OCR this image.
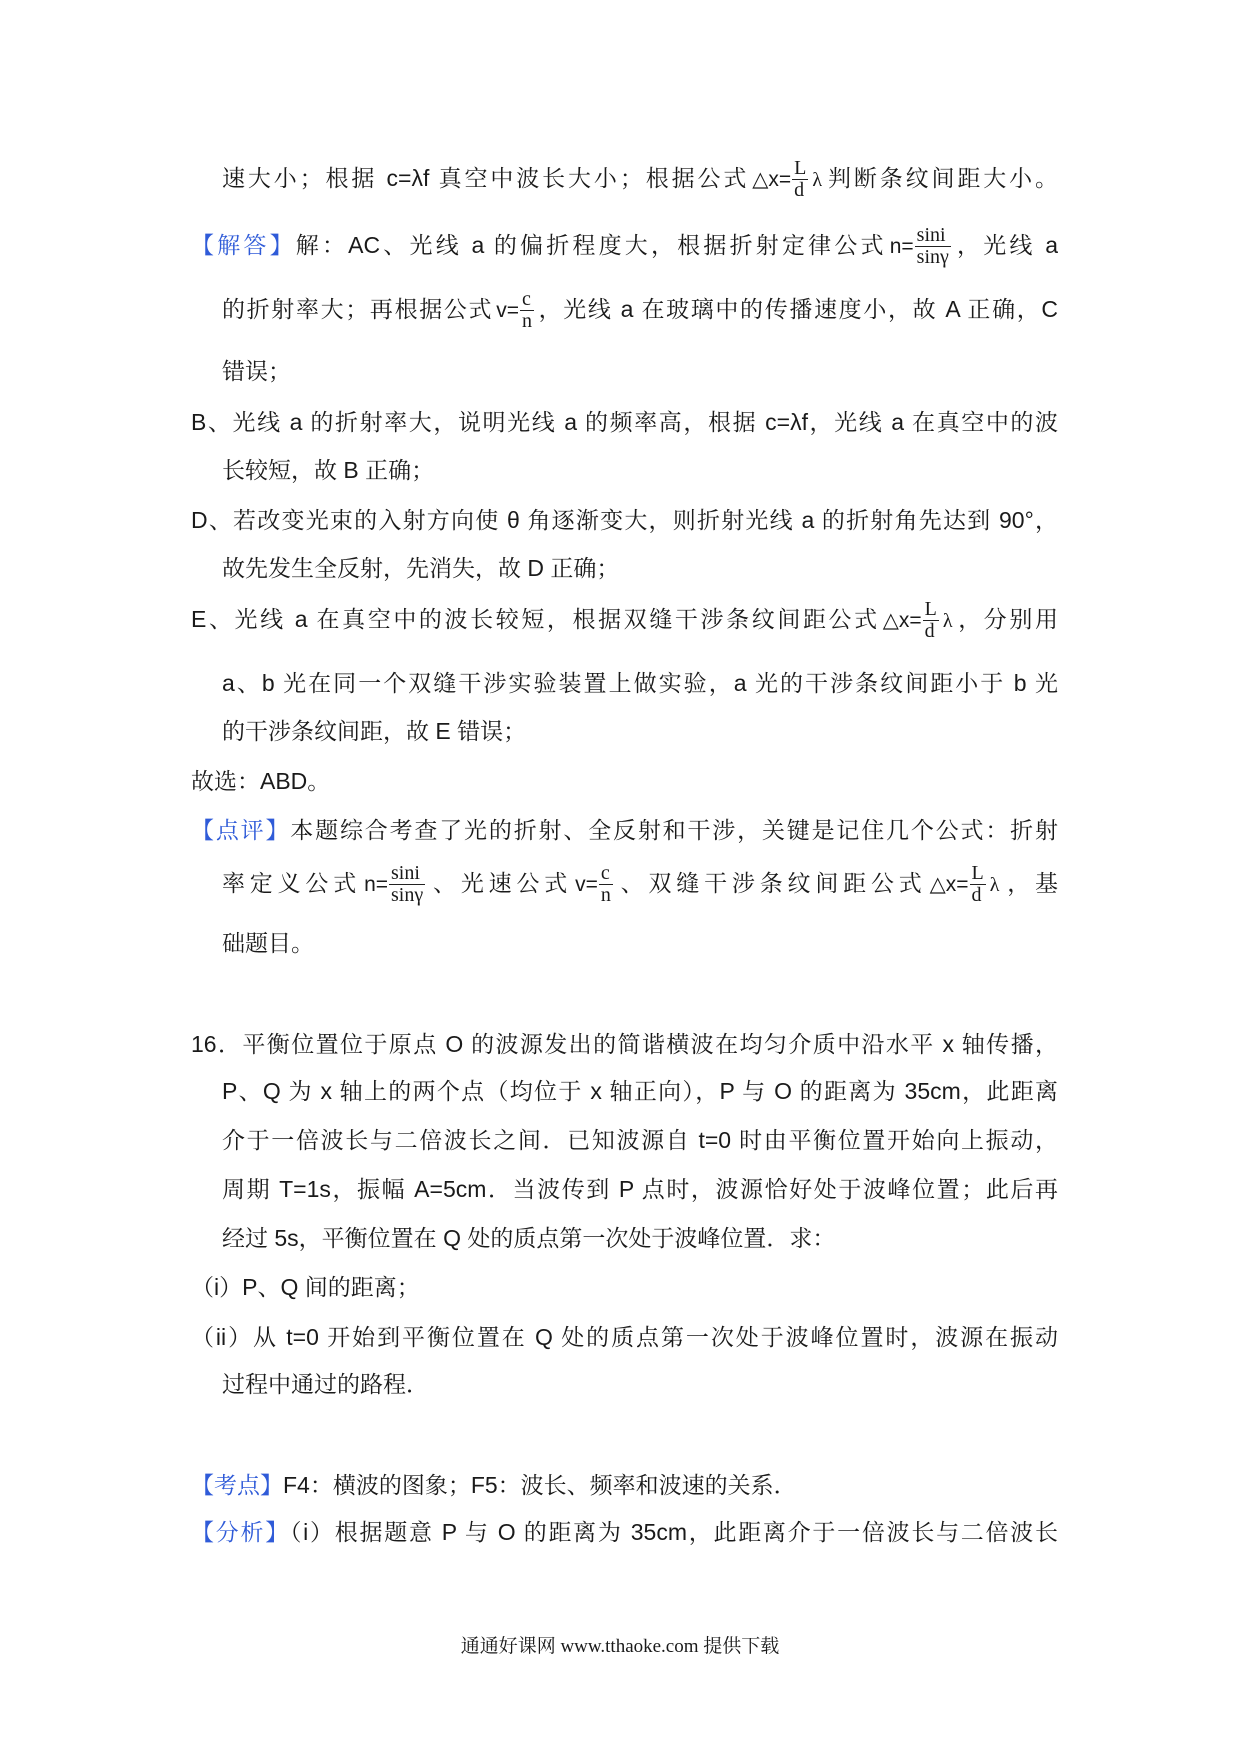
速大小；根据 c=λf 真空中波长大小；根据公式 △x= $\frac{L}{d}$ λ 判断条纹间距大小。
【解答】解：AC、光线 a 的偏折程度大，根据折射定律公式 $n= \frac{\sin i}{\sin\gamma}$ ，光线 a
的折射率大；再根据公式 $v= \frac{c}{n}$ ，光线 a 在玻璃中的传播速度小，故 A 正确，C
错误；
B、光线 a 的折射率大，说明光线 a 的频率高，根据 c=λf，光线 a 在真空中的波
长较短，故 B 正确；
D、若改变光束的入射方向使 θ 角逐渐变大，则折射光线 a 的折射角先达到 90°，
故先发生全反射，先消失，故 D 正确；
E、光线 a 在真空中的波长较短，根据双缝干涉条纹间距公式 △x= $\frac{L}{d}$ λ ，分别用
a、b 光在同一个双缝干涉实验装置上做实验，a 光的干涉条纹间距小于 b 光
的干涉条纹间距，故 E 错误；
故选：ABD。
【点评】本题综合考查了光的折射、全反射和干涉，关键是记住几个公式：折射
率定义公式 $n= \frac{\sin i}{\sin\gamma}$ 、光速公式 $v= \frac{c}{n}$ 、双缝干涉条纹间距公式 △x= $\frac{L}{d}$ λ ，基
础题目。
16．平衡位置位于原点 O 的波源发出的简谐横波在均匀介质中沿水平 x 轴传播，
P、Q 为 x 轴上的两个点（均位于 x 轴正向），P 与 O 的距离为 35cm，此距离
介于一倍波长与二倍波长之间．已知波源自 t=0 时由平衡位置开始向上振动，
周期 T=1s，振幅 A=5cm．当波传到 P 点时，波源恰好处于波峰位置；此后再
经过 5s，平衡位置在 Q 处的质点第一次处于波峰位置．求：
（i）P、Q 间的距离；
（ii）从 t=0 开始到平衡位置在 Q 处的质点第一次处于波峰位置时，波源在振动
过程中通过的路程．
【考点】F4：横波的图象；F5：波长、频率和波速的关系．
【分析】（i）根据题意 P 与 O 的距离为 35cm，此距离介于一倍波长与二倍波长
通通好课网 www.tthaoke.com 提供下载
